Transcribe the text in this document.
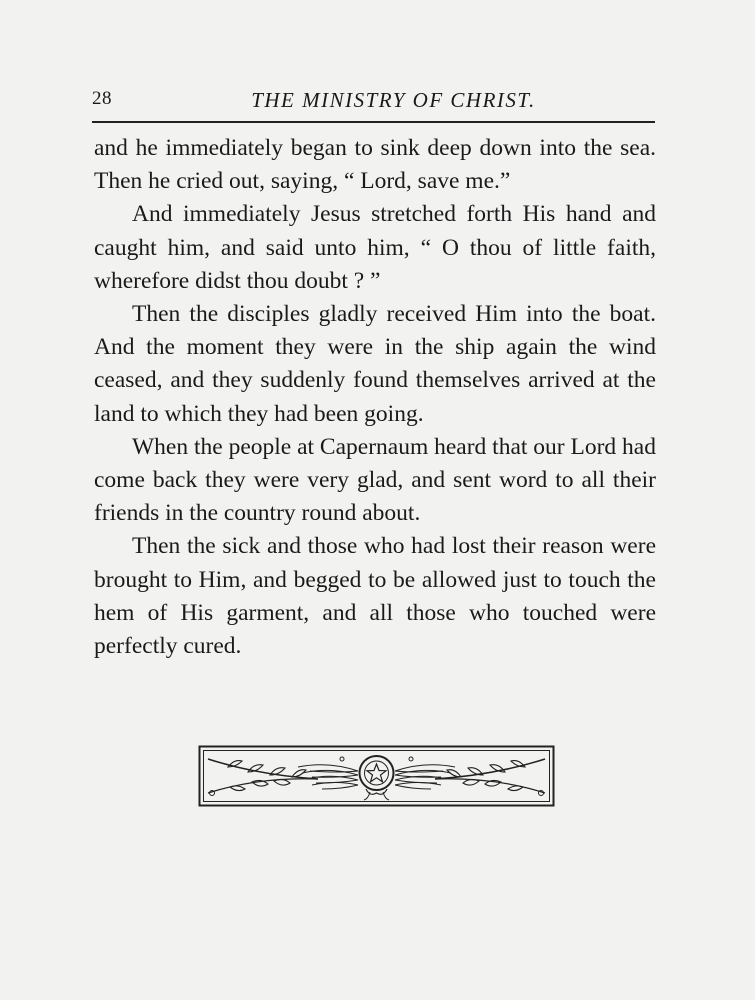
28	THE MINISTRY OF CHRIST.

and he immediately began to sink deep down into the sea. Then he cried out, saying, “ Lord, save me.”

And immediately Jesus stretched forth His hand and caught him, and said unto him, “ O thou of little faith, wherefore didst thou doubt ? ”

Then the disciples gladly received Him into the boat. And the moment they were in the ship again the wind ceased, and they suddenly found themselves arrived at the land to which they had been going.

When the people at Capernaum heard that our Lord had come back they were very glad, and sent word to all their friends in the country round about.

Then the sick and those who had lost their reason were brought to Him, and begged to be allowed just to touch the hem of His garment, and all those who touched were perfectly cured.
